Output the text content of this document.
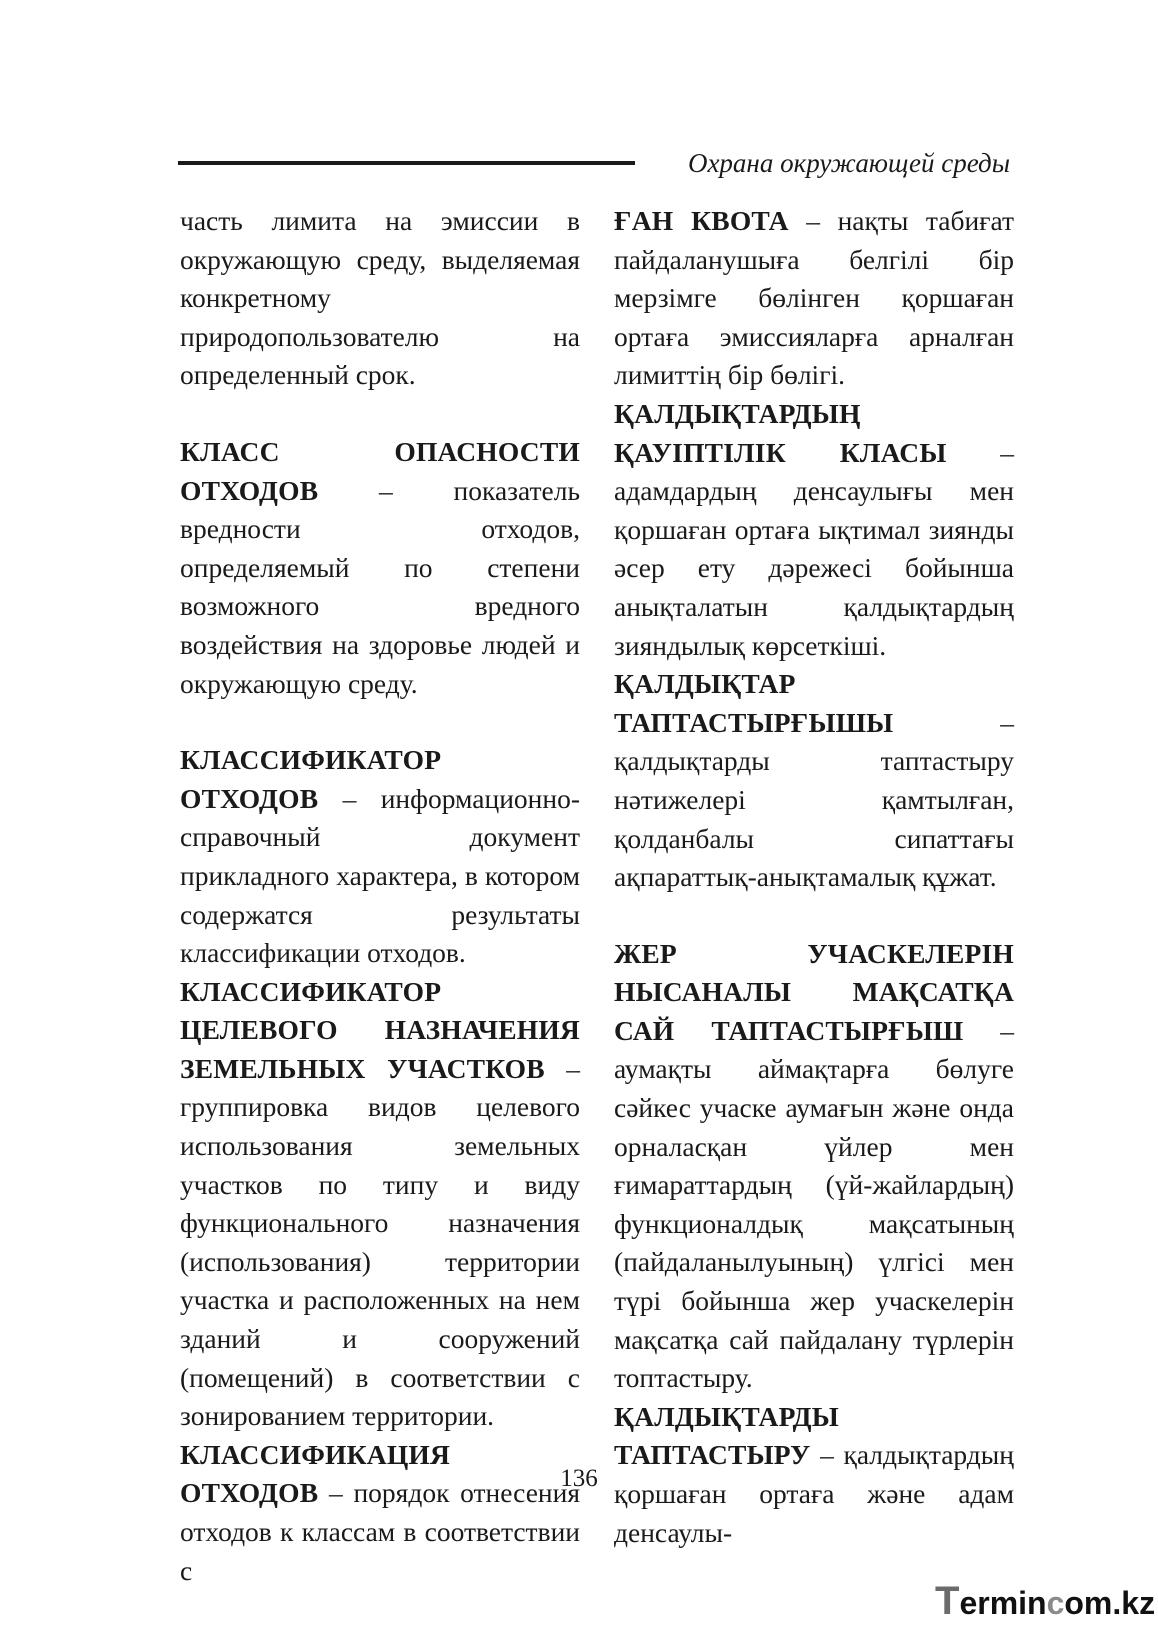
Охрана окружающей среды

часть лимита на эмиссии в окружающую среду, выделяемая конкретному природопользователю на определенный срок.

КЛАСС ОПАСНОСТИ ОТХОДОВ – показатель вредности отходов, определяемый по степени возможного вредного воздействия на здоровье людей и окружающую среду.

КЛАССИФИКАТОР ОТХОДОВ – информационно-справочный документ прикладного характера, в котором содержатся результаты классификации отходов.

КЛАССИФИКАТОР ЦЕЛЕВОГО НАЗНАЧЕНИЯ ЗЕМЕЛЬНЫХ УЧАСТКОВ – группировка видов целевого использования земельных участков по типу и виду функционального назначения (использования) территории участка и расположенных на нем зданий и сооружений (помещений) в соответствии с зонированием территории.

КЛАССИФИКАЦИЯ ОТХОДОВ – порядок отнесения отходов к классам в соответствии с

ҒАН КВОТА – нақты табиғат пайдаланушыға белгілі бір мерзімге бөлінген қоршаған ортаға эмиссияларға арналған лимиттің бір бөлігі.

ҚАЛДЫҚТАРДЫҢ ҚАУІПТІЛІК КЛАСЫ – адамдардың денсаулығы мен қоршаған ортаға ықтимал зиянды әсер ету дәрежесі бойынша анықталатын қалдықтардың зияндылық көрсеткіші.

ҚАЛДЫҚТАР ТАПТАСТЫРҒЫШЫ – қалдықтарды таптастыру нәтижелері қамтылған, қолданбалы сипаттағы ақпараттық-анықтамалық құжат.

ЖЕР УЧАСКЕЛЕРІН НЫСАНАЛЫ МАҚСАТҚА САЙ ТАПТАСТЫРҒЫШ – аумақты аймақтарға бөлуге сәйкес учаске аумағын және онда орналасқан үйлер мен ғимараттардың (үй-жайлардың) функционалдық мақсатының (пайдаланылуының) үлгісі мен түрі бойынша жер учаскелерін мақсатқа сай пайдалану түрлерін топтастыру.

ҚАЛДЫҚТАРДЫ ТАПТАСТЫРУ – қалдықтардың қоршаған ортаға және адам денсаулы-

136
Termincom.kz
